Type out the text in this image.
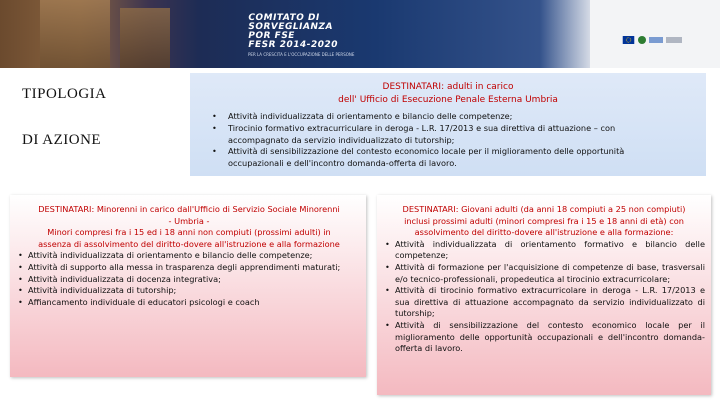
COMITATO DI
SORVEGLIANZA
POR FSE
FESR 2014-2020
PER LA CRESCITA E L'OCCUPAZIONE DELLE PERSONE
TIPOLOGIA
DI AZIONE
DESTINATARI: adulti in carico
dell' Ufficio di Esecuzione Penale Esterna Umbria
• Attività individualizzata di orientamento e bilancio delle competenze;
• Tirocinio formativo extracurriculare in deroga - L.R. 17/2013 e sua direttiva di attuazione – con accompagnato da servizio individualizzato di tutorship;
• Attività di sensibilizzazione del contesto economico locale per il miglioramento delle opportunità occupazionali e dell'incontro domanda-offerta di lavoro.
DESTINATARI: Minorenni in carico dall'Ufficio di Servizio Sociale Minorenni
- Umbria -
Minori compresi fra i 15 ed i 18 anni non compiuti (prossimi adulti) in
assenza di assolvimento del diritto-dovere all'istruzione e alla formazione
• Attività individualizzata di orientamento e bilancio delle competenze;
• Attività di supporto alla messa in trasparenza degli apprendimenti maturati;
• Attività individualizzata di docenza integrativa;
• Attività individualizzata di tutorship;
• Affiancamento individuale di educatori psicologi e coach
DESTINATARI: Giovani adulti (da anni 18 compiuti a 25 non compiuti)
inclusi prossimi adulti (minori compresi fra i 15 e 18 anni di età) con
assolvimento del diritto-dovere all'istruzione e alla formazione:
• Attività individualizzata di orientamento formativo e bilancio delle competenze;
• Attività di formazione per l'acquisizione di competenze di base, trasversali e/o tecnico-professionali, propedeutica al tirocinio extracurricolare;
• Attività di tirocinio formativo extracurricolare in deroga - L.R. 17/2013 e sua direttiva di attuazione accompagnato da servizio individualizzato di tutorship;
• Attività di sensibilizzazione del contesto economico locale per il miglioramento delle opportunità occupazionali e dell'incontro domanda-offerta di lavoro.
